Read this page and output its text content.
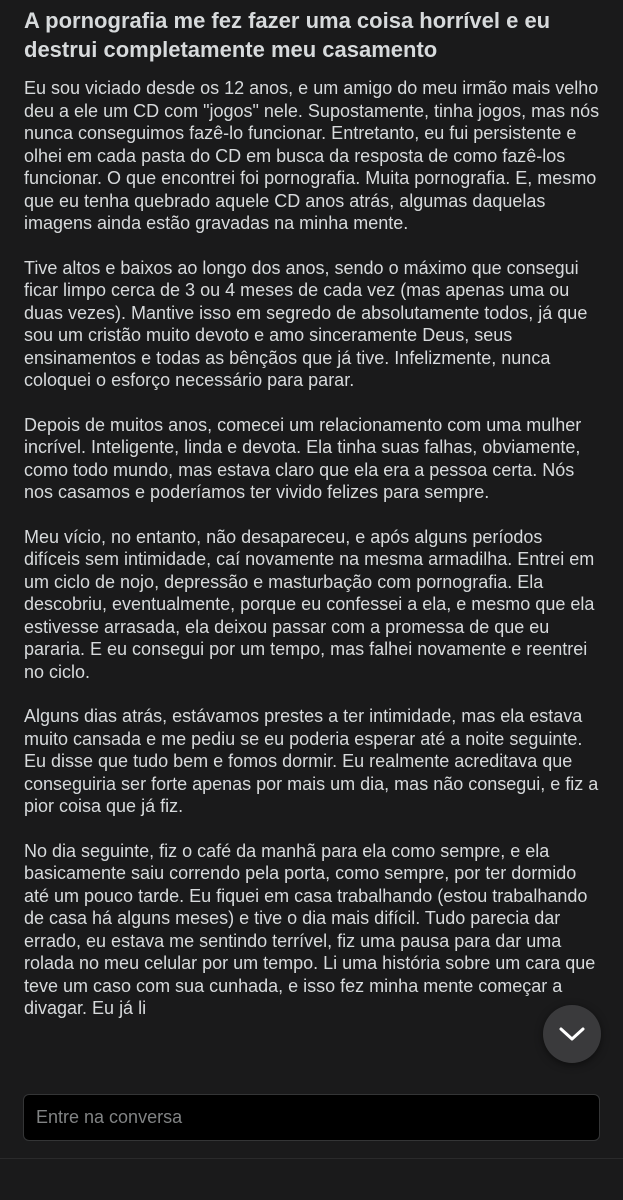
A pornografia me fez fazer uma coisa horrível e eu destrui completamente meu casamento

Eu sou viciado desde os 12 anos, e um amigo do meu irmão mais velho deu a ele um CD com "jogos" nele. Supostamente, tinha jogos, mas nós nunca conseguimos fazê-lo funcionar. Entretanto, eu fui persistente e olhei em cada pasta do CD em busca da resposta de como fazê-los funcionar. O que encontrei foi pornografia. Muita pornografia. E, mesmo que eu tenha quebrado aquele CD anos atrás, algumas daquelas imagens ainda estão gravadas na minha mente.

Tive altos e baixos ao longo dos anos, sendo o máximo que consegui ficar limpo cerca de 3 ou 4 meses de cada vez (mas apenas uma ou duas vezes). Mantive isso em segredo de absolutamente todos, já que sou um cristão muito devoto e amo sinceramente Deus, seus ensinamentos e todas as bênçãos que já tive. Infelizmente, nunca coloquei o esforço necessário para parar.

Depois de muitos anos, comecei um relacionamento com uma mulher incrível. Inteligente, linda e devota. Ela tinha suas falhas, obviamente, como todo mundo, mas estava claro que ela era a pessoa certa. Nós nos casamos e poderíamos ter vivido felizes para sempre.

Meu vício, no entanto, não desapareceu, e após alguns períodos difíceis sem intimidade, caí novamente na mesma armadilha. Entrei em um ciclo de nojo, depressão e masturbação com pornografia. Ela descobriu, eventualmente, porque eu confessei a ela, e mesmo que ela estivesse arrasada, ela deixou passar com a promessa de que eu pararia. E eu consegui por um tempo, mas falhei novamente e reentrei no ciclo.

Alguns dias atrás, estávamos prestes a ter intimidade, mas ela estava muito cansada e me pediu se eu poderia esperar até a noite seguinte. Eu disse que tudo bem e fomos dormir. Eu realmente acreditava que conseguiria ser forte apenas por mais um dia, mas não consegui, e fiz a pior coisa que já fiz.

No dia seguinte, fiz o café da manhã para ela como sempre, e ela basicamente saiu correndo pela porta, como sempre, por ter dormido até um pouco tarde. Eu fiquei em casa trabalhando (estou trabalhando de casa há alguns meses) e tive o dia mais difícil. Tudo parecia dar errado, eu estava me sentindo terrível, fiz uma pausa para dar uma rolada no meu celular por um tempo. Li uma história sobre um cara que teve um caso com sua cunhada, e isso fez minha mente começar a divagar. Eu já li

Entre na conversa
